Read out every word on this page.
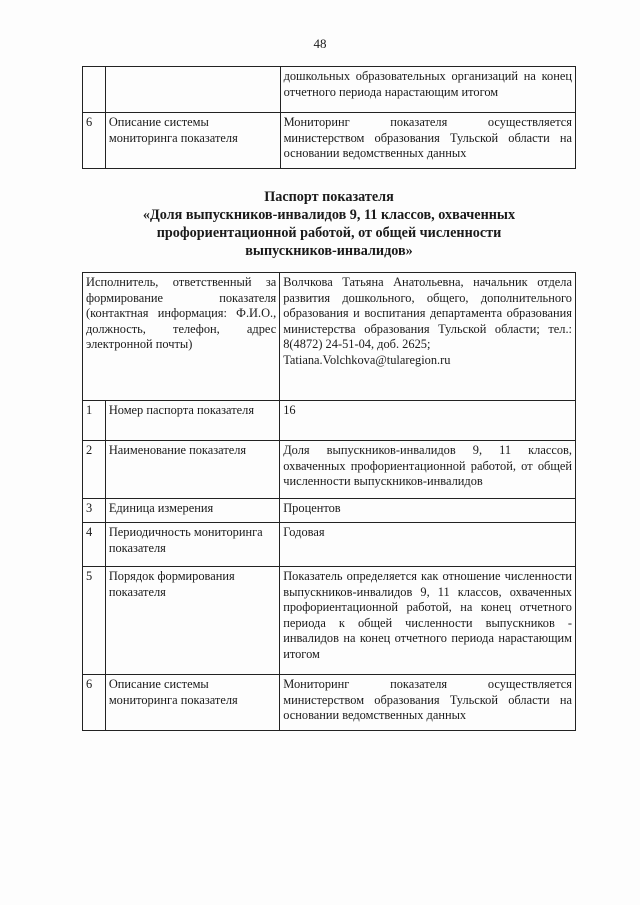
48
		дошкольных образовательных организаций на конец отчетного периода нарастающим итогом
6	Описание системы мониторинга показателя	Мониторинг показателя осуществляется министерством образования Тульской области на основании ведомственных данных
Паспорт показателя
«Доля выпускников-инвалидов 9, 11 классов, охваченных
профориентационной работой, от общей численности
выпускников-инвалидов»
Исполнитель, ответственный за формирование показателя (контактная информация: Ф.И.О., должность, телефон, адрес электронной почты)		Волчкова Татьяна Анатольевна, начальник отдела развития дошкольного, общего, дополнительного образования и воспитания департамента образования министерства образования Тульской области; тел.: 8(4872) 24-51-04, доб. 2625;
Tatiana.Volchkova@tularegion.ru

1	Номер паспорта показателя	16
2	Наименование показателя	Доля выпускников-инвалидов 9, 11 классов, охваченных профориентационной работой, от общей численности выпускников-инвалидов
3	Единица измерения	Процентов
4	Периодичность мониторинга показателя	Годовая
5	Порядок формирования показателя	Показатель определяется как отношение численности выпускников-инвалидов 9, 11 классов, охваченных профориентационной работой, на конец отчетного периода к общей численности выпускников - инвалидов на конец отчетного периода нарастающим итогом
6	Описание системы мониторинга показателя	Мониторинг показателя осуществляется министерством образования Тульской области на основании ведомственных данных
